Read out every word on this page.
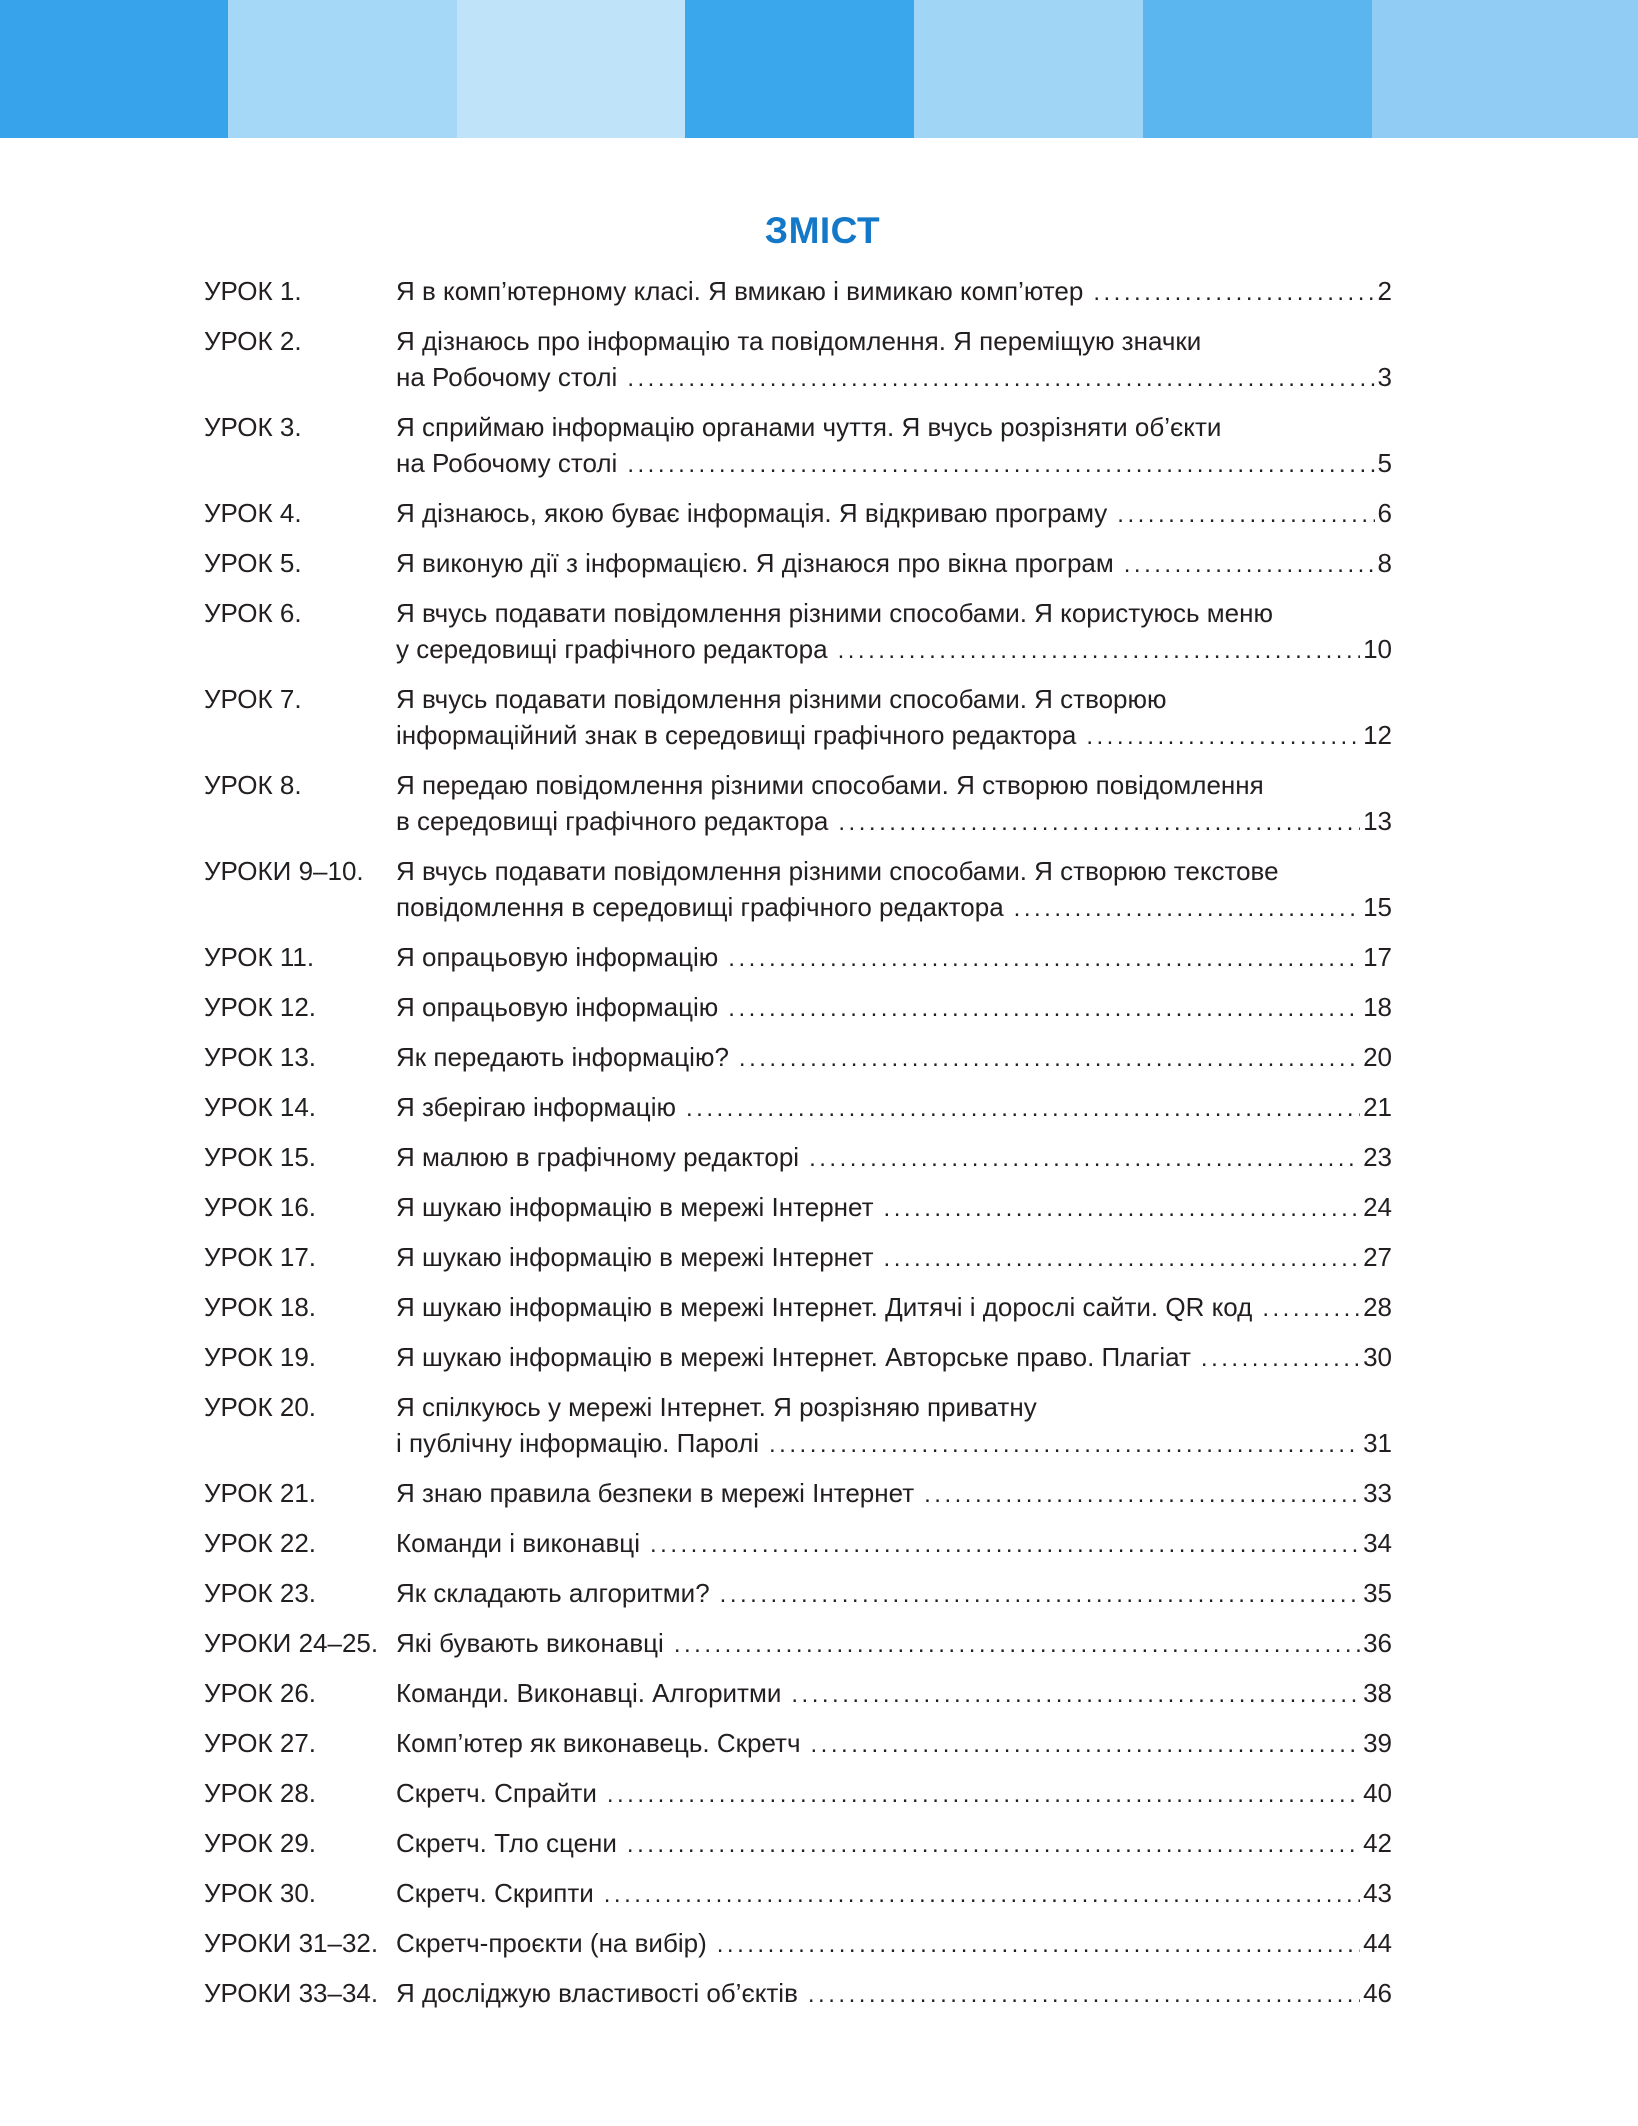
ЗМІСТ
УРОК 1.	Я в комп’ютерному класі. Я вмикаю і вимикаю комп’ютер .....	2
УРОК 2.	Я дізнаюсь про інформацію та повідомлення. Я переміщую значки
на Робочому столі .....	3
УРОК 3.	Я сприймаю інформацію органами чуття. Я вчусь розрізняти об’єкти
на Робочому столі .....	5
УРОК 4.	Я дізнаюсь, якою буває інформація. Я відкриваю програму .....	6
УРОК 5.	Я виконую дії з інформацією. Я дізнаюся про вікна програм .....	8
УРОК 6.	Я вчусь подавати повідомлення різними способами. Я користуюсь меню
у середовищі графічного редактора .....	10
УРОК 7.	Я вчусь подавати повідомлення різними способами. Я створюю
інформаційний знак в середовищі графічного редактора .....	12
УРОК 8.	Я передаю повідомлення різними способами. Я створюю повідомлення
в середовищі графічного редактора .....	13
УРОКИ 9–10. Я вчусь подавати повідомлення різними способами. Я створюю текстове
повідомлення в середовищі графічного редактора .....	15
УРОК 11.	Я опрацьовую інформацію .....	17
УРОК 12.	Я опрацьовую інформацію .....	18
УРОК 13.	Як передають інформацію? .....	20
УРОК 14.	Я зберігаю інформацію .....	21
УРОК 15.	Я малюю в графічному редакторі .....	23
УРОК 16.	Я шукаю інформацію в мережі Інтернет .....	24
УРОК 17.	Я шукаю інформацію в мережі Інтернет .....	27
УРОК 18.	Я шукаю інформацію в мережі Інтернет. Дитячі і дорослі сайти. QR код .....	28
УРОК 19.	Я шукаю інформацію в мережі Інтернет. Авторське право. Плагіат .....	30
УРОК 20.	Я спілкуюсь у мережі Інтернет. Я розрізняю приватну
і публічну інформацію. Паролі .....	31
УРОК 21.	Я знаю правила безпеки в мережі Інтернет .....	33
УРОК 22.	Команди і виконавці .....	34
УРОК 23.	Як складають алгоритми? .....	35
УРОКИ 24–25. Які бувають виконавці .....	36
УРОК 26.	Команди. Виконавці. Алгоритми .....	38
УРОК 27.	Комп’ютер як виконавець. Скретч .....	39
УРОК 28.	Скретч. Спрайти .....	40
УРОК 29.	Скретч. Тло сцени .....	42
УРОК 30.	Скретч. Скрипти .....	43
УРОКИ 31–32. Скретч-проєкти (на вибір) .....	44
УРОКИ 33–34. Я досліджую властивості об’єктів .....	46
